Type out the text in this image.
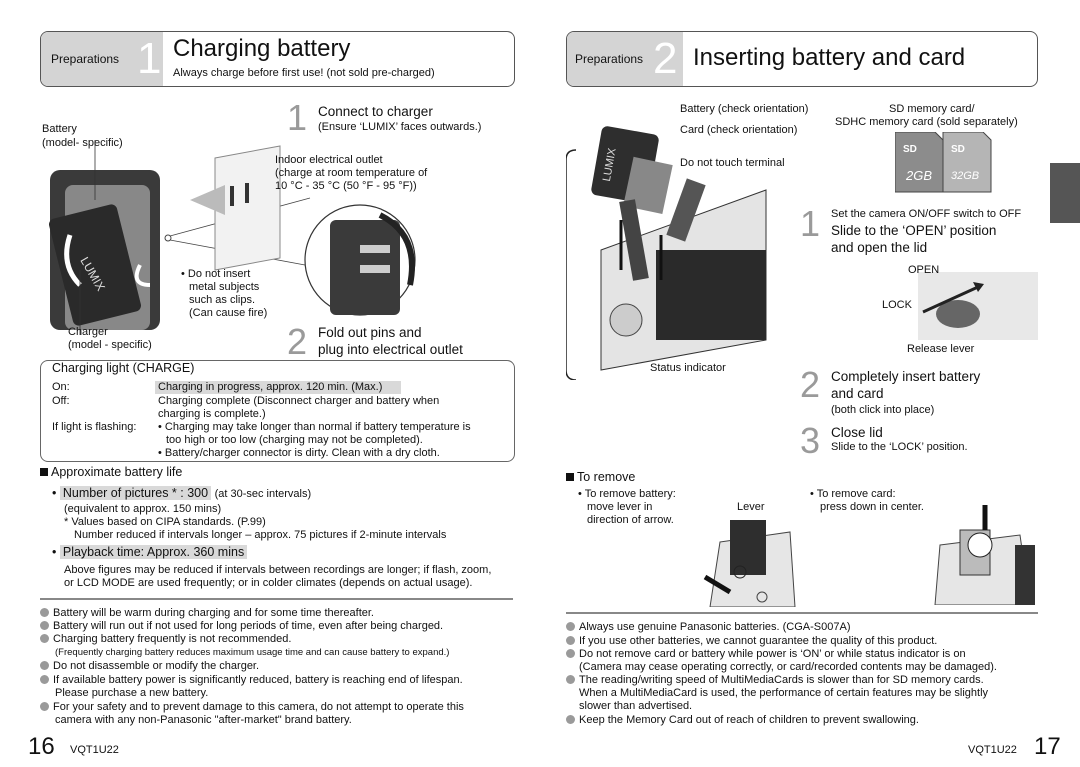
Preparations 1 Charging battery
Always charge before first use! (not sold pre-charged)
LUMIX
Battery
(model- specific)
Charger
(model - specific)
Indoor electrical outlet
(charge at room temperature of
10 °C - 35 °C (50 °F - 95 °F))
• Do not insert
metal subjects
such as clips.
(Can cause fire)
1 Connect to charger
(Ensure ‘LUMIX’ faces outwards.)
2 Fold out pins and
plug into electrical outlet
Charging light (CHARGE)
On:	Charging in progress, approx. 120 min. (Max.)
Off:	Charging complete (Disconnect charger and battery when
charging is complete.)
If light is flashing: • Charging may take longer than normal if battery temperature is
too high or too low (charging may not be completed).
• Battery/charger connector is dirty. Clean with a dry cloth.
Approximate battery life
• Number of pictures * : 300 (at 30-sec intervals)
(equivalent to approx. 150 mins)
* Values based on CIPA standards. (P.99)
Number reduced if intervals longer – approx. 75 pictures if 2-minute intervals
• Playback time: Approx. 360 mins
Above figures may be reduced if intervals between recordings are longer; if flash, zoom,
or LCD MODE are used frequently; or in colder climates (depends on actual usage).
Battery will be warm during charging and for some time thereafter.
Battery will run out if not used for long periods of time, even after being charged.
Charging battery frequently is not recommended.
(Frequently charging battery reduces maximum usage time and can cause battery to expand.)
Do not disassemble or modify the charger.
If available battery power is significantly reduced, battery is reaching end of lifespan.
Please purchase a new battery.
For your safety and to prevent damage to this camera, do not attempt to operate this
camera with any non-Panasonic "after-market" brand battery.
16 VQT1U22
Preparations 2 Inserting battery and card
LUMIX
Battery (check orientation)
Card (check orientation)
Do not touch terminal
SD memory card/
SDHC memory card (sold separately)
Status indicator
SD	SD
2GB 32GB
1 Set the camera ON/OFF switch to OFF
Slide to the ‘OPEN’ position
and open the lid
OPEN
LOCK
Release lever
2 Completely insert battery
and card
(both click into place)
3 Close lid
Slide to the ‘LOCK’ position.
To remove
• To remove battery:
move lever in
direction of arrow.
Lever
• To remove card:
press down in center.
Always use genuine Panasonic batteries. (CGA-S007A)
If you use other batteries, we cannot guarantee the quality of this product.
Do not remove card or battery while power is ‘ON’ or while status indicator is on
(Camera may cease operating correctly, or card/recorded contents may be damaged).
The reading/writing speed of MultiMediaCards is slower than for SD memory cards.
When a MultiMediaCard is used, the performance of certain features may be slightly
slower than advertised.
Keep the Memory Card out of reach of children to prevent swallowing.
VQT1U22 17
